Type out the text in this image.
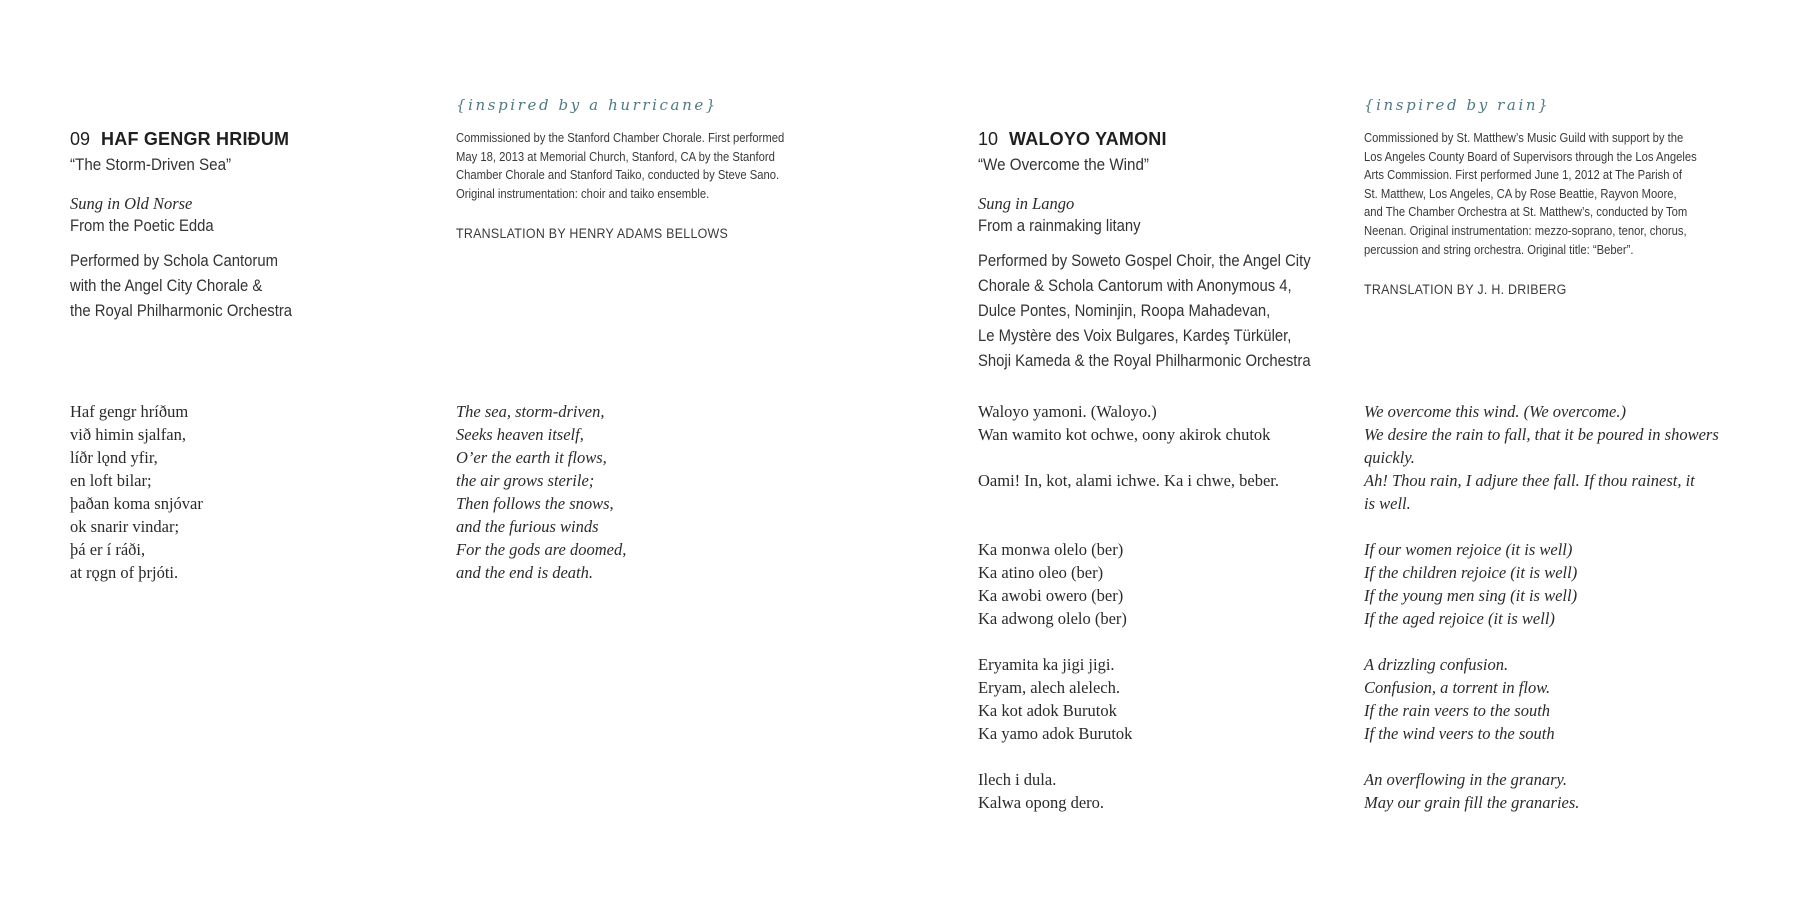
09 HAF GENGR HRIÐUM
“The Storm-Driven Sea”
Sung in Old Norse
From the Poetic Edda
Performed by Schola Cantorum
with the Angel City Chorale &
the Royal Philharmonic Orchestra
{inspired by a hurricane}
Commissioned by the Stanford Chamber Chorale. First performed
May 18, 2013 at Memorial Church, Stanford, CA by the Stanford
Chamber Chorale and Stanford Taiko, conducted by Steve Sano.
Original instrumentation: choir and taiko ensemble.
TRANSLATION BY HENRY ADAMS BELLOWS
Haf gengr hríðum
við himin sjalfan,
líðr lǫnd yfir,
en loft bilar;
þaðan koma snjóvar
ok snarir vindar;
þá er í ráði,
at rǫgn of þrjóti.
The sea, storm-driven,
Seeks heaven itself,
O’er the earth it flows,
the air grows sterile;
Then follows the snows,
and the furious winds
For the gods are doomed,
and the end is death.
10 WALOYO YAMONI
“We Overcome the Wind”
Sung in Lango
From a rainmaking litany
Performed by Soweto Gospel Choir, the Angel City
Chorale & Schola Cantorum with Anonymous 4,
Dulce Pontes, Nominjin, Roopa Mahadevan,
Le Mystère des Voix Bulgares, Kardeş Türküler,
Shoji Kameda & the Royal Philharmonic Orchestra
{inspired by rain}
Commissioned by St. Matthew’s Music Guild with support by the
Los Angeles County Board of Supervisors through the Los Angeles
Arts Commission. First performed June 1, 2012 at The Parish of
St. Matthew, Los Angeles, CA by Rose Beattie, Rayvon Moore,
and The Chamber Orchestra at St. Matthew’s, conducted by Tom
Neenan. Original instrumentation: mezzo-soprano, tenor, chorus,
percussion and string orchestra. Original title: “Beber”.
TRANSLATION BY J. H. DRIBERG
Waloyo yamoni. (Waloyo.)
Wan wamito kot ochwe, oony akirok chutok
Oami! In, kot, alami ichwe. Ka i chwe, beber.
Ka monwa olelo (ber)
Ka atino oleo (ber)
Ka awobi owero (ber)
Ka adwong olelo (ber)
Eryamita ka jigi jigi.
Eryam, alech alelech.
Ka kot adok Burutok
Ka yamo adok Burutok
Ilech i dula.
Kalwa opong dero.
We overcome this wind. (We overcome.)
We desire the rain to fall, that it be poured in showers
quickly.
Ah! Thou rain, I adjure thee fall. If thou rainest, it
is well.
If our women rejoice (it is well)
If the children rejoice (it is well)
If the young men sing (it is well)
If the aged rejoice (it is well)
A drizzling confusion.
Confusion, a torrent in flow.
If the rain veers to the south
If the wind veers to the south
An overflowing in the granary.
May our grain fill the granaries.
